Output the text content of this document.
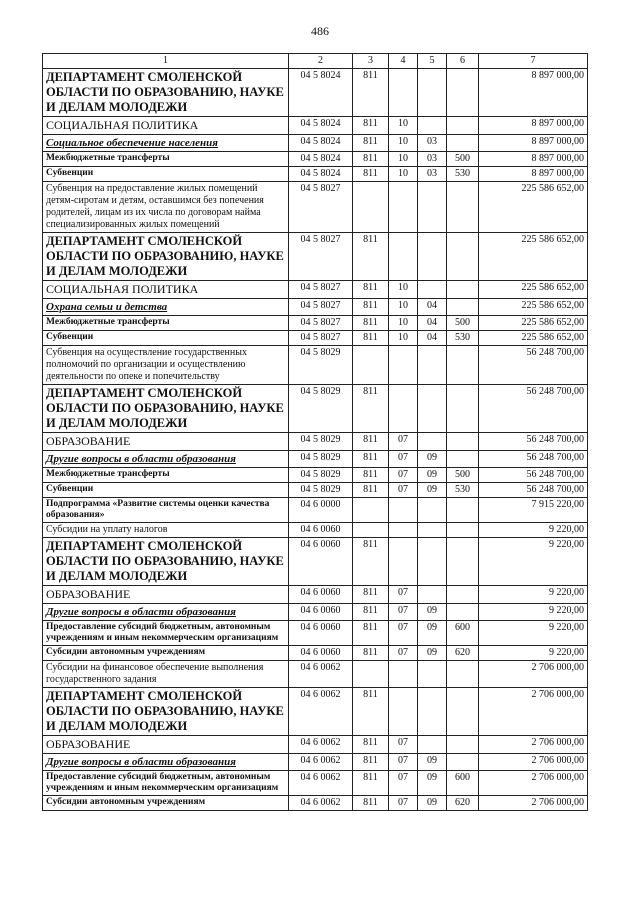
486
1	2	3	4	5	6	7
ДЕПАРТАМЕНТ СМОЛЕНСКОЙ ОБЛАСТИ ПО ОБРАЗОВАНИЮ, НАУКЕ И ДЕЛАМ МОЛОДЕЖИ	04 5 8024	811				8 897 000,00
СОЦИАЛЬНАЯ ПОЛИТИКА	04 5 8024	811	10			8 897 000,00
Социальное обеспечение населения	04 5 8024	811	10	03		8 897 000,00
Межбюджетные трансферты	04 5 8024	811	10	03	500	8 897 000,00
Субвенции	04 5 8024	811	10	03	530	8 897 000,00
Субвенция на предоставление жилых помещений детям-сиротам и детям, оставшимся без попечения родителей, лицам из их числа по договорам найма специализированных жилых помещений	04 5 8027					225 586 652,00
ДЕПАРТАМЕНТ СМОЛЕНСКОЙ ОБЛАСТИ ПО ОБРАЗОВАНИЮ, НАУКЕ И ДЕЛАМ МОЛОДЕЖИ	04 5 8027	811				225 586 652,00
СОЦИАЛЬНАЯ ПОЛИТИКА	04 5 8027	811	10			225 586 652,00
Охрана семьи и детства	04 5 8027	811	10	04		225 586 652,00
Межбюджетные трансферты	04 5 8027	811	10	04	500	225 586 652,00
Субвенции	04 5 8027	811	10	04	530	225 586 652,00
Субвенция на осуществление государственных полномочий по организации и осуществлению деятельности по опеке и попечительству	04 5 8029					56 248 700,00
ДЕПАРТАМЕНТ СМОЛЕНСКОЙ ОБЛАСТИ ПО ОБРАЗОВАНИЮ, НАУКЕ И ДЕЛАМ МОЛОДЕЖИ	04 5 8029	811				56 248 700,00
ОБРАЗОВАНИЕ	04 5 8029	811	07			56 248 700,00
Другие вопросы в области образования	04 5 8029	811	07	09		56 248 700,00
Межбюджетные трансферты	04 5 8029	811	07	09	500	56 248 700,00
Субвенции	04 5 8029	811	07	09	530	56 248 700,00
Подпрограмма «Развитие системы оценки качества образования»	04 6 0000					7 915 220,00
Субсидии на уплату налогов	04 6 0060					9 220,00
ДЕПАРТАМЕНТ СМОЛЕНСКОЙ ОБЛАСТИ ПО ОБРАЗОВАНИЮ, НАУКЕ И ДЕЛАМ МОЛОДЕЖИ	04 6 0060	811				9 220,00
ОБРАЗОВАНИЕ	04 6 0060	811	07			9 220,00
Другие вопросы в области образования	04 6 0060	811	07	09		9 220,00
Предоставление субсидий бюджетным, автономным учреждениям и иным некоммерческим организациям	04 6 0060	811	07	09	600	9 220,00
Субсидии автономным учреждениям	04 6 0060	811	07	09	620	9 220,00
Субсидии на финансовое обеспечение выполнения государственного задания	04 6 0062					2 706 000,00
ДЕПАРТАМЕНТ СМОЛЕНСКОЙ ОБЛАСТИ ПО ОБРАЗОВАНИЮ, НАУКЕ И ДЕЛАМ МОЛОДЕЖИ	04 6 0062	811				2 706 000,00
ОБРАЗОВАНИЕ	04 6 0062	811	07			2 706 000,00
Другие вопросы в области образования	04 6 0062	811	07	09		2 706 000,00
Предоставление субсидий бюджетным, автономным учреждениям и иным некоммерческим организациям	04 6 0062	811	07	09	600	2 706 000,00
Субсидии автономным учреждениям	04 6 0062	811	07	09	620	2 706 000,00
